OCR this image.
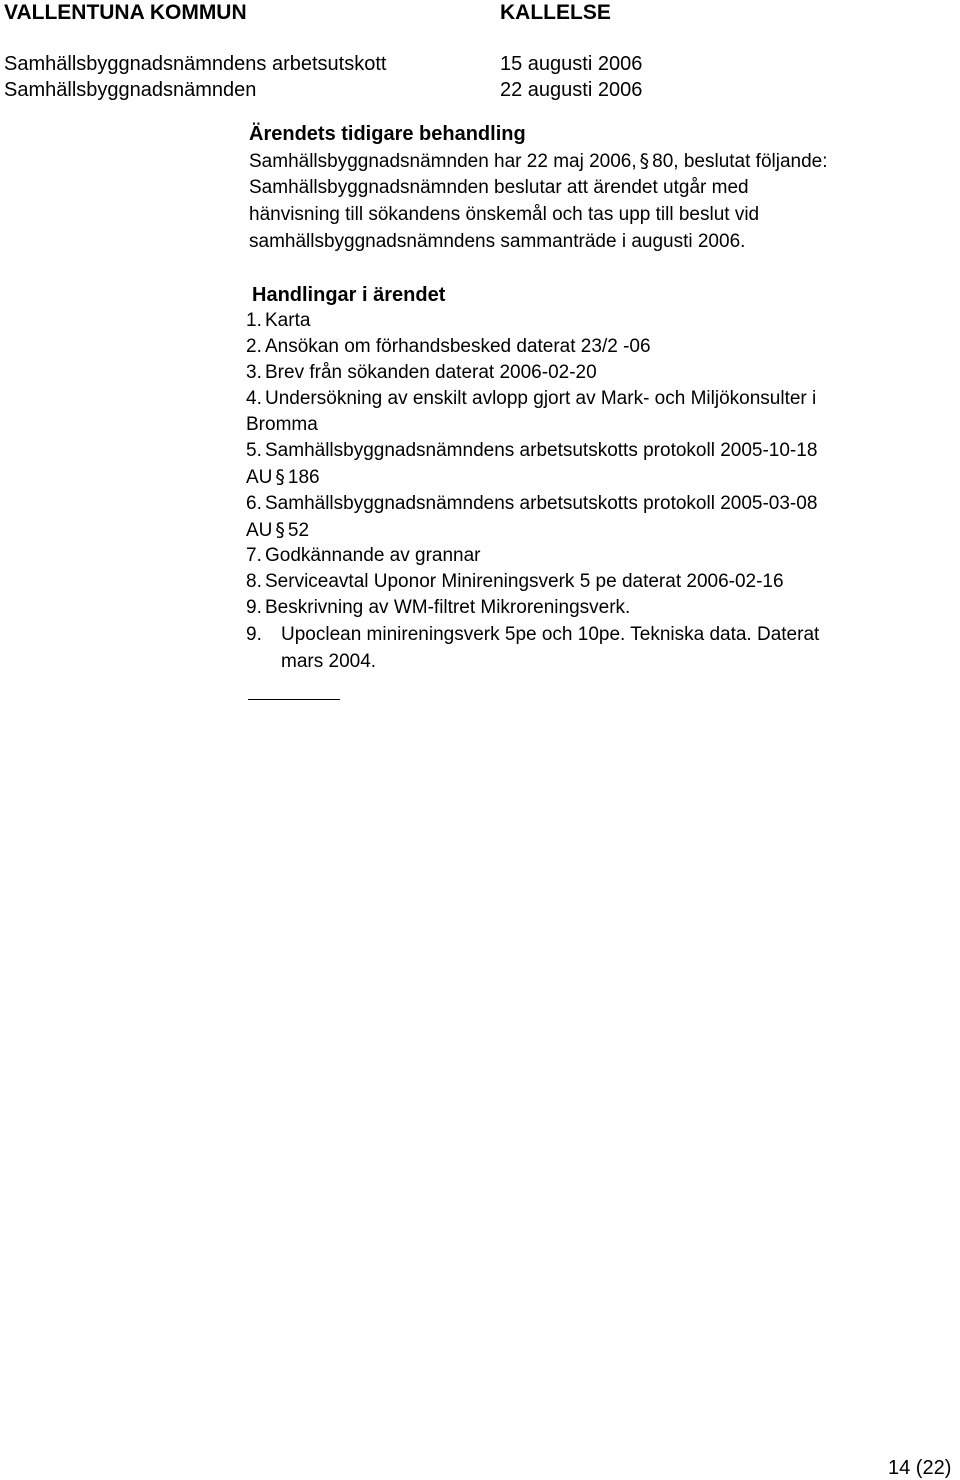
VALLENTUNA KOMMUN	KALLELSE
Samhällsbyggnadsnämndens arbetsutskott	15 augusti 2006
Samhällsbyggnadsnämnden	22 augusti 2006
Ärendets tidigare behandling
Samhällsbyggnadsnämnden har 22 maj 2006, § 80, beslutat följande:
Samhällsbyggnadsnämnden beslutar att ärendet utgår med
hänvisning till sökandens önskemål och tas upp till beslut vid
samhällsbyggnadsnämndens sammanträde i augusti 2006.
Handlingar i ärendet
1. Karta
2. Ansökan om förhandsbesked daterat 23/2 -06
3. Brev från sökanden daterat 2006-02-20
4. Undersökning av enskilt avlopp gjort av Mark- och Miljökonsulter i
Bromma
5. Samhällsbyggnadsnämndens arbetsutskotts protokoll 2005-10-18
AU § 186
6. Samhällsbyggnadsnämndens arbetsutskotts protokoll 2005-03-08
AU § 52
7. Godkännande av grannar
8. Serviceavtal Uponor Minireningsverk 5 pe daterat 2006-02-16
9. Beskrivning av WM-filtret Mikroreningsverk.
9. Upoclean minireningsverk 5pe och 10pe. Tekniska data. Daterat
mars 2004.
14 (22)
